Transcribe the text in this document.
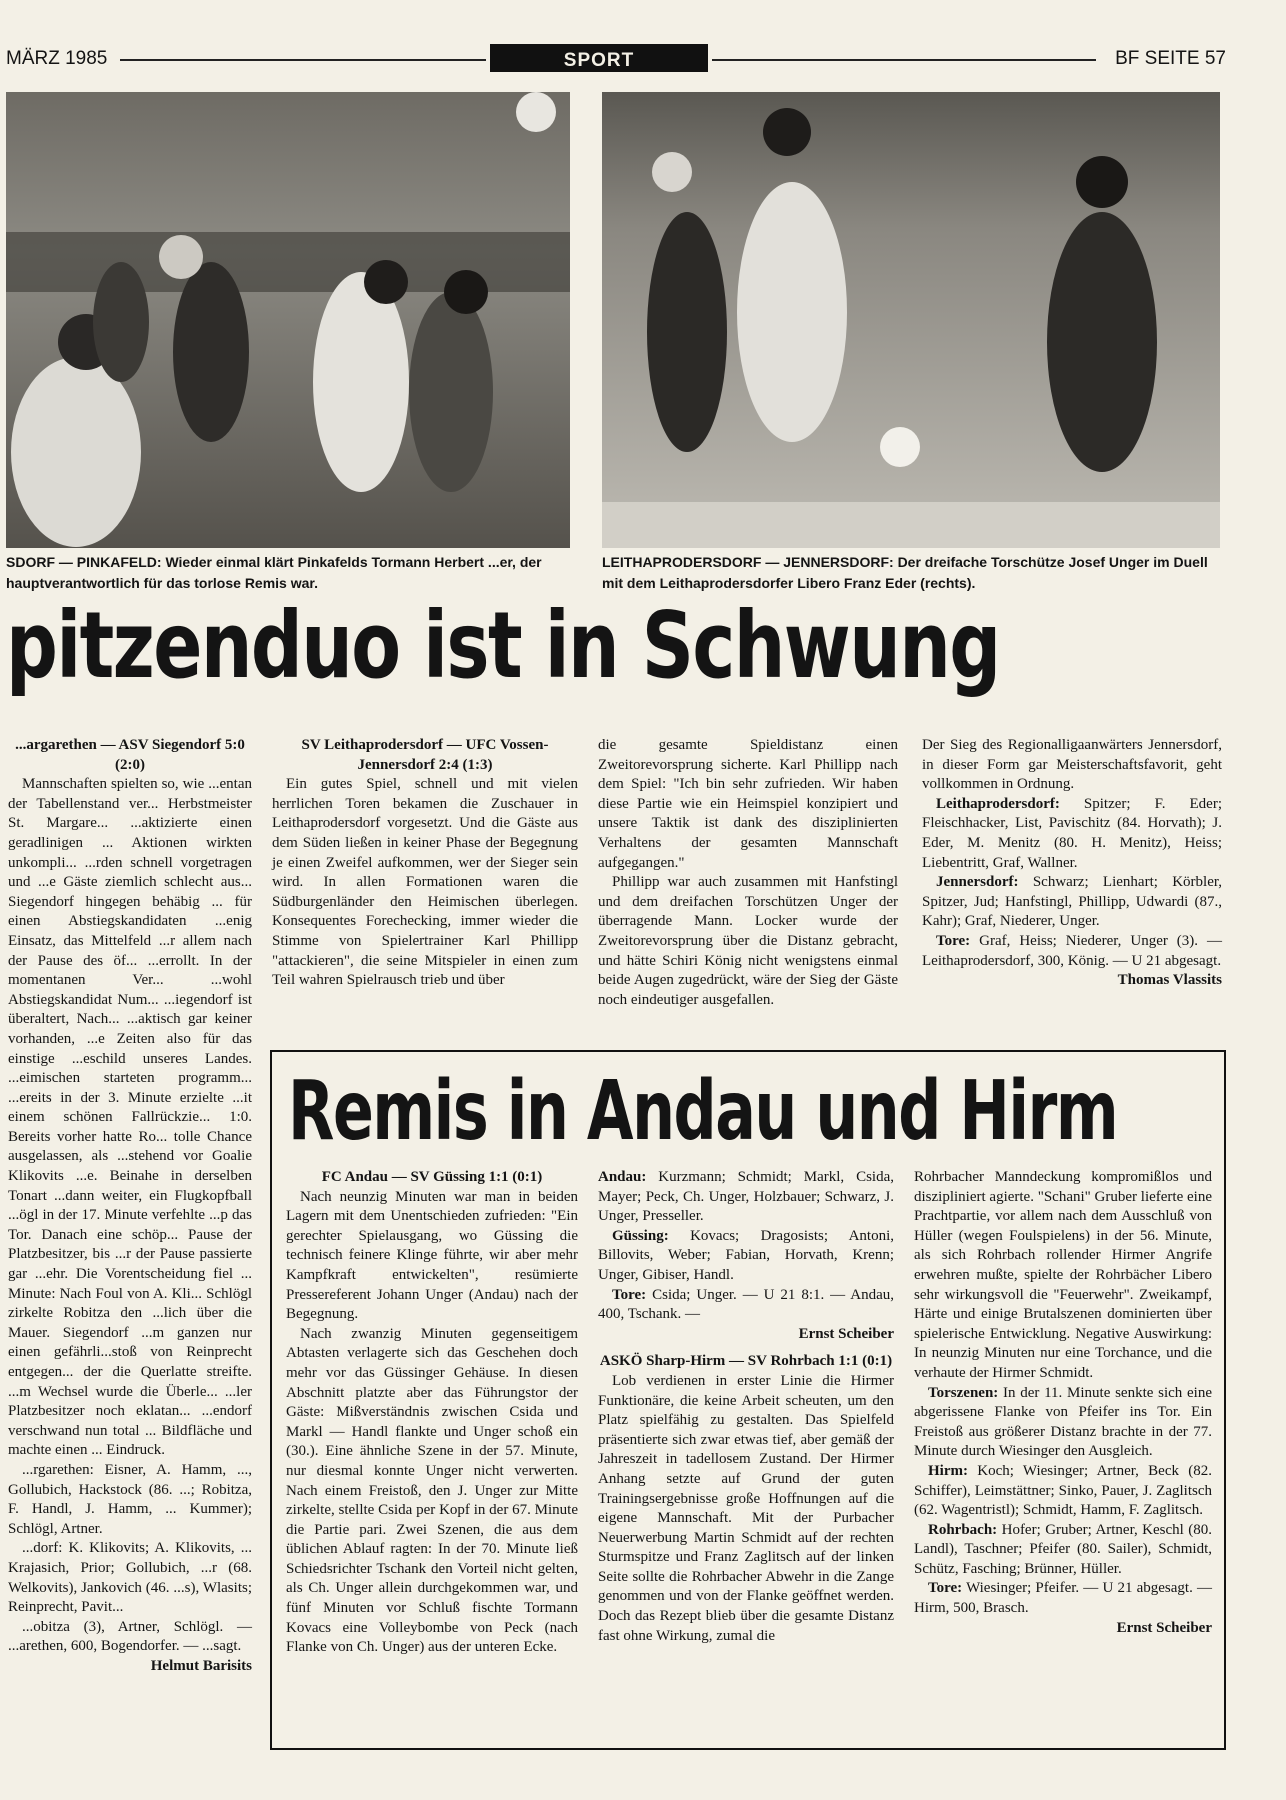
MÄRZ 1985	SPORT	BF SEITE 57
SDORF — PINKAFELD: Wieder einmal klärt Pinkafelds Tormann Herbert ...er, der hauptverantwortlich für das torlose Remis war.
LEITHAPRODERSDORF — JENNERSDORF: Der dreifache Torschütze Josef Unger im Duell mit dem Leithaprodersdorfer Libero Franz Eder (rechts).
pitzenduo ist in Schwung

...argarethen — ASV Siegendorf 5:0 (2:0)

Mannschaften spielten so, wie ...entan der Tabellenstand ver... Herbstmeister St. Margare... ...aktizierte einen geradlinigen ... Aktionen wirkten unkompli... ...rden schnell vorgetragen und ...e Gäste ziemlich schlecht aus... Siegendorf hingegen behäbig ... für einen Abstiegskandidaten ...enig Einsatz, das Mittelfeld ...r allem nach der Pause des öf... ...errollt. In der momentanen Ver... ...wohl Abstiegskandidat Num... ...iegendorf ist überaltert, Nach... ...aktisch gar keiner vorhanden, ...e Zeiten also für das einstige ...eschild unseres Landes. ...eimischen starteten programm... ...ereits in der 3. Minute erzielte ...it einem schönen Fallrückzie... 1:0. Bereits vorher hatte Ro... tolle Chance ausgelassen, als ...stehend vor Goalie Klikovits ...e. Beinahe in derselben Tonart ...dann weiter, ein Flugkopfball ...ögl in der 17. Minute verfehlte ...p das Tor. Danach eine schöp... Pause der Platzbesitzer, bis ...r der Pause passierte gar ...ehr. Die Vorentscheidung fiel ... Minute: Nach Foul von A. Kli... Schlögl zirkelte Robitza den ...lich über die Mauer. Siegendorf ...m ganzen nur einen gefährli...stoß von Reinprecht entgegen... der die Querlatte streifte. ...m Wechsel wurde die Überle... ...ler Platzbesitzer noch eklatan... ...endorf verschwand nun total ... Bildfläche und machte einen ... Eindruck.

...rgarethen: Eisner, A. Hamm, ..., Gollubich, Hackstock (86. ...; Robitza, F. Handl, J. Hamm, ... Kummer); Schlögl, Artner.

...dorf: K. Klikovits; A. Klikovits, ... Krajasich, Prior; Gollubich, ...r (68. Welkovits), Jankovich (46. ...s), Wlasits; Reinprecht, Pavit...

...obitza (3), Artner, Schlögl. — ...arethen, 600, Bogendorfer. — ...sagt.

Helmut Barisits

SV Leithaprodersdorf — UFC Vossen-Jennersdorf 2:4 (1:3)

Ein gutes Spiel, schnell und mit vielen herrlichen Toren bekamen die Zuschauer in Leithaprodersdorf vorgesetzt. Und die Gäste aus dem Süden ließen in keiner Phase der Begegnung je einen Zweifel aufkommen, wer der Sieger sein wird. In allen Formationen waren die Südburgenländer den Heimischen überlegen. Konsequentes Forechecking, immer wieder die Stimme von Spielertrainer Karl Phillipp "attackieren", die seine Mitspieler in einen zum Teil wahren Spielrausch trieb und über

die gesamte Spieldistanz einen Zweitorevorsprung sicherte. Karl Phillipp nach dem Spiel: "Ich bin sehr zufrieden. Wir haben diese Partie wie ein Heimspiel konzipiert und unsere Taktik ist dank des disziplinierten Verhaltens der gesamten Mannschaft aufgegangen."

Phillipp war auch zusammen mit Hanfstingl und dem dreifachen Torschützen Unger der überragende Mann. Locker wurde der Zweitorevorsprung über die Distanz gebracht, und hätte Schiri König nicht wenigstens einmal beide Augen zugedrückt, wäre der Sieg der Gäste noch eindeutiger ausgefallen.

Der Sieg des Regionalligaanwärters Jennersdorf, in dieser Form gar Meisterschaftsfavorit, geht vollkommen in Ordnung.

Leithaprodersdorf: Spitzer; F. Eder; Fleischhacker, List, Pavischitz (84. Horvath); J. Eder, M. Menitz (80. H. Menitz), Heiss; Liebentritt, Graf, Wallner.

Jennersdorf: Schwarz; Lienhart; Körbler, Spitzer, Jud; Hanfstingl, Phillipp, Udwardi (87., Kahr); Graf, Niederer, Unger.

Tore: Graf, Heiss; Niederer, Unger (3). — Leithaprodersdorf, 300, König. — U 21 abgesagt.

Thomas Vlassits

Remis in Andau und Hirm

FC Andau — SV Güssing 1:1 (0:1)

Nach neunzig Minuten war man in beiden Lagern mit dem Unentschieden zufrieden: "Ein gerechter Spielausgang, wo Güssing die technisch feinere Klinge führte, wir aber mehr Kampfkraft entwickelten", resümierte Pressereferent Johann Unger (Andau) nach der Begegnung.

Nach zwanzig Minuten gegenseitigem Abtasten verlagerte sich das Geschehen doch mehr vor das Güssinger Gehäuse. In diesen Abschnitt platzte aber das Führungstor der Gäste: Mißverständnis zwischen Csida und Markl — Handl flankte und Unger schoß ein (30.). Eine ähnliche Szene in der 57. Minute, nur diesmal konnte Unger nicht verwerten. Nach einem Freistoß, den J. Unger zur Mitte zirkelte, stellte Csida per Kopf in der 67. Minute die Partie pari. Zwei Szenen, die aus dem üblichen Ablauf ragten: In der 70. Minute ließ Schiedsrichter Tschank den Vorteil nicht gelten, als Ch. Unger allein durchgekommen war, und fünf Minuten vor Schluß fischte Tormann Kovacs eine Volleybombe von Peck (nach Flanke von Ch. Unger) aus der unteren Ecke.

Andau: Kurzmann; Schmidt; Markl, Csida, Mayer; Peck, Ch. Unger, Holzbauer; Schwarz, J. Unger, Presseller.

Güssing: Kovacs; Dragosists; Antoni, Billovits, Weber; Fabian, Horvath, Krenn; Unger, Gibiser, Handl.

Tore: Csida; Unger. — U 21 8:1. — Andau, 400, Tschank. —

Ernst Scheiber

ASKÖ Sharp-Hirm — SV Rohrbach 1:1 (0:1)

Lob verdienen in erster Linie die Hirmer Funktionäre, die keine Arbeit scheuten, um den Platz spielfähig zu gestalten. Das Spielfeld präsentierte sich zwar etwas tief, aber gemäß der Jahreszeit in tadellosem Zustand. Der Hirmer Anhang setzte auf Grund der guten Trainingsergebnisse große Hoffnungen auf die eigene Mannschaft. Mit der Purbacher Neuerwerbung Martin Schmidt auf der rechten Sturmspitze und Franz Zaglitsch auf der linken Seite sollte die Rohrbacher Abwehr in die Zange genommen und von der Flanke geöffnet werden. Doch das Rezept blieb über die gesamte Distanz fast ohne Wirkung, zumal die

Rohrbacher Manndeckung kompromißlos und diszipliniert agierte. "Schani" Gruber lieferte eine Prachtpartie, vor allem nach dem Ausschluß von Hüller (wegen Foulspielens) in der 56. Minute, als sich Rohrbach rollender Hirmer Angrife erwehren mußte, spielte der Rohrbächer Libero sehr wirkungsvoll die "Feuerwehr". Zweikampf, Härte und einige Brutalszenen dominierten über spielerische Entwicklung. Negative Auswirkung: In neunzig Minuten nur eine Torchance, und die verhaute der Hirmer Schmidt.

Torszenen: In der 11. Minute senkte sich eine abgerissene Flanke von Pfeifer ins Tor. Ein Freistoß aus größerer Distanz brachte in der 77. Minute durch Wiesinger den Ausgleich.

Hirm: Koch; Wiesinger; Artner, Beck (82. Schiffer), Leimstättner; Sinko, Pauer, J. Zaglitsch (62. Wagentristl); Schmidt, Hamm, F. Zaglitsch.

Rohrbach: Hofer; Gruber; Artner, Keschl (80. Landl), Taschner; Pfeifer (80. Sailer), Schmidt, Schütz, Fasching; Brünner, Hüller.

Tore: Wiesinger; Pfeifer. — U 21 abgesagt. — Hirm, 500, Brasch.

Ernst Scheiber
